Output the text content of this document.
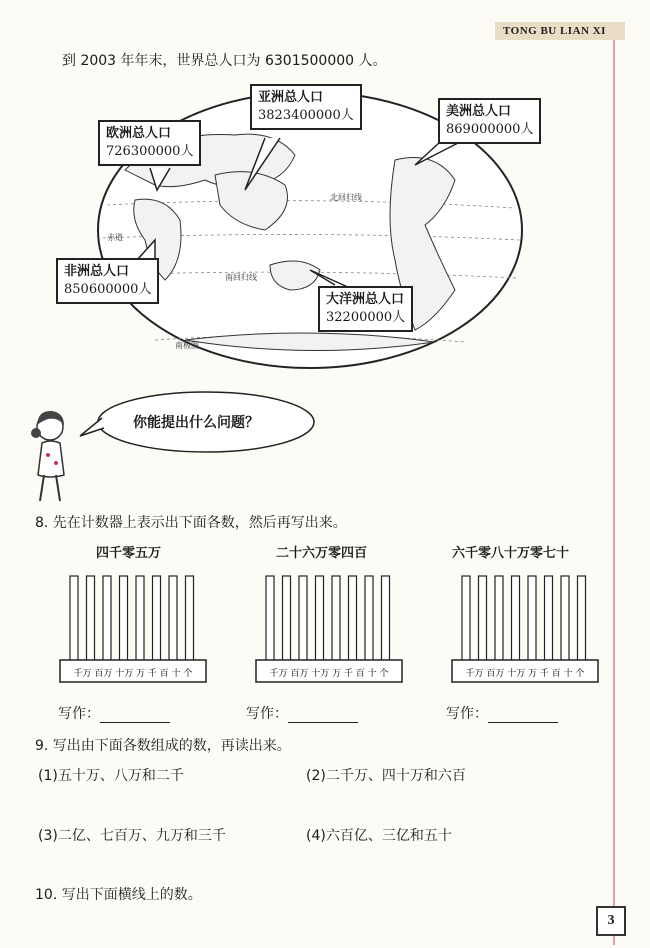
TONG BU LIAN XI
到 2003 年年末，世界总人口为 6301500000 人。
赤道
北回归线
南回归线
南极圈
欧洲总人口
726300000人
亚洲总人口
3823400000人	美洲总人口
869000000人
非洲总人口
850600000人
大洋洲总人口
32200000人
你能提出什么问题？
8. 先在计数器上表示出下面各数，然后再写出来。
四千零五万	二十六万零四百	六千零八十万零七十
千万 百万 十万 万 千 百 十 个	千万 百万 十万 万 千 百 十 个	千万 百万 十万 万 千 百 十 个
写作：	写作：	写作：
9. 写出由下面各数组成的数，再读出来。
(1)五十万、八万和二千	(2)二千万、四十万和六百
(3)二亿、七百万、九万和三千	(4)六百亿、三亿和五十
10. 写出下面横线上的数。
3
